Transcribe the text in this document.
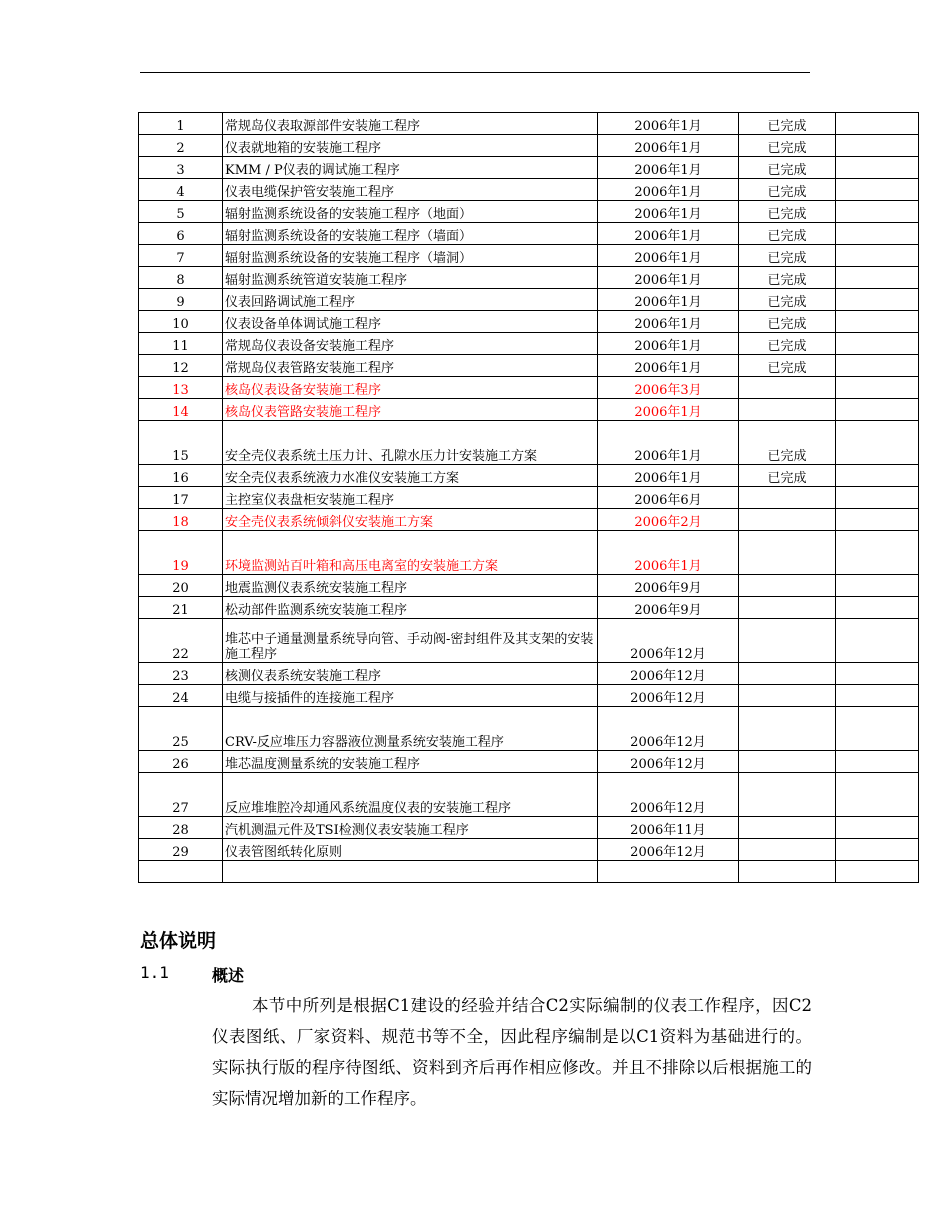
1	常规岛仪表取源部件安装施工程序	2006年1月	已完成	
2	仪表就地箱的安装施工程序	2006年1月	已完成	
3	KMM / P仪表的调试施工程序	2006年1月	已完成	
4	仪表电缆保护管安装施工程序	2006年1月	已完成	
5	辐射监测系统设备的安装施工程序（地面）	2006年1月	已完成	
6	辐射监测系统设备的安装施工程序（墙面）	2006年1月	已完成	
7	辐射监测系统设备的安装施工程序（墙洞）	2006年1月	已完成	
8	辐射监测系统管道安装施工程序	2006年1月	已完成	
9	仪表回路调试施工程序	2006年1月	已完成	
10	仪表设备单体调试施工程序	2006年1月	已完成	
11	常规岛仪表设备安装施工程序	2006年1月	已完成	
12	常规岛仪表管路安装施工程序	2006年1月	已完成	
13	核岛仪表设备安装施工程序	2006年3月		
14	核岛仪表管路安装施工程序	2006年1月		
15	安全壳仪表系统土压力计、孔隙水压力计安装施工方案	2006年1月	已完成	
16	安全壳仪表系统液力水准仪安装施工方案	2006年1月	已完成	
17	主控室仪表盘柜安装施工程序	2006年6月		
18	安全壳仪表系统倾斜仪安装施工方案	2006年2月		
19	环境监测站百叶箱和高压电离室的安装施工方案	2006年1月		
20	地震监测仪表系统安装施工程序	2006年9月		
21	松动部件监测系统安装施工程序	2006年9月		
22	堆芯中子通量测量系统导向管、手动阀-密封组件及其支架的安装施工程序	2006年12月		
23	核测仪表系统安装施工程序	2006年12月		
24	电缆与接插件的连接施工程序	2006年12月		
25	CRV-反应堆压力容器液位测量系统安装施工程序	2006年12月		
26	堆芯温度测量系统的安装施工程序	2006年12月		
27	反应堆堆腔冷却通风系统温度仪表的安装施工程序	2006年12月		
28	汽机测温元件及TSI检测仪表安装施工程序	2006年11月		
29	仪表管图纸转化原则	2006年12月		

总体说明
1.1	概述
本节中所列是根据C1建设的经验并结合C2实际编制的仪表工作程序，因C2仪表图纸、厂家资料、规范书等不全，因此程序编制是以C1资料为基础进行的。实际执行版的程序待图纸、资料到齐后再作相应修改。并且不排除以后根据施工的实际情况增加新的工作程序。
